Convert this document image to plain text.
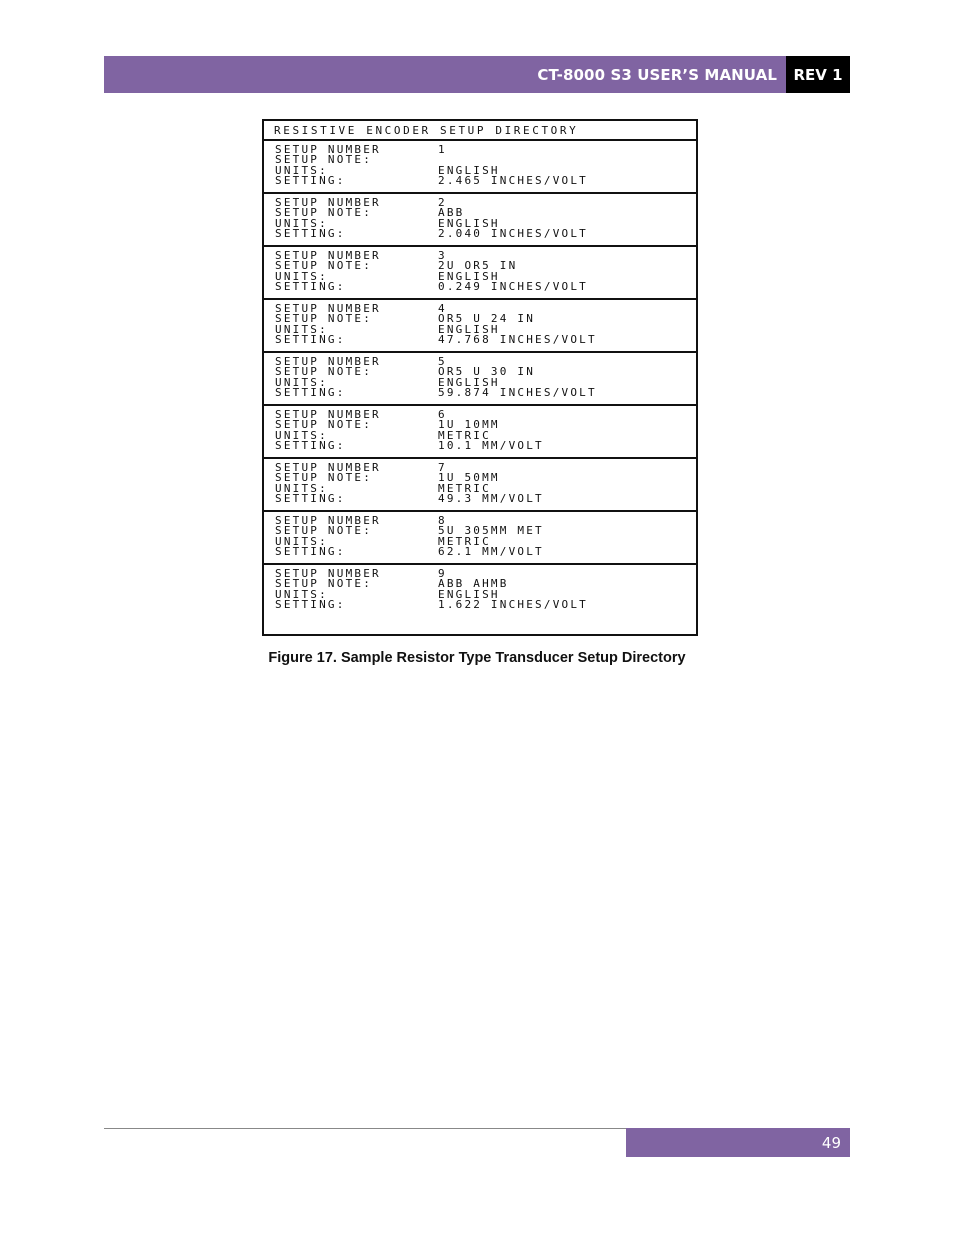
CT-8000 S3 USER’S MANUAL	REV 1
RESISTIVE ENCODER SETUP DIRECTORY
SETUP NUMBER	1
SETUP NOTE:
UNITS:	ENGLISH
SETTING:	2.465 INCHES/VOLT
SETUP NUMBER	2
SETUP NOTE:	ABB
UNITS:	ENGLISH
SETTING:	2.040 INCHES/VOLT
SETUP NUMBER	3
SETUP NOTE:	2U OR5 IN
UNITS:	ENGLISH
SETTING:	0.249 INCHES/VOLT
SETUP NUMBER	4
SETUP NOTE:	OR5 U 24 IN
UNITS:	ENGLISH
SETTING:	47.768 INCHES/VOLT
SETUP NUMBER	5
SETUP NOTE:	OR5 U 30 IN
UNITS:	ENGLISH
SETTING:	59.874 INCHES/VOLT
SETUP NUMBER	6
SETUP NOTE:	1U 10MM
UNITS:	METRIC
SETTING:	10.1 MM/VOLT
SETUP NUMBER	7
SETUP NOTE:	1U 50MM
UNITS:	METRIC
SETTING:	49.3 MM/VOLT
SETUP NUMBER	8
SETUP NOTE:	5U 305MM MET
UNITS:	METRIC
SETTING:	62.1 MM/VOLT
SETUP NUMBER	9
SETUP NOTE:	ABB AHMB
UNITS:	ENGLISH
SETTING:	1.622 INCHES/VOLT
Figure 17. Sample Resistor Type Transducer Setup Directory
49
